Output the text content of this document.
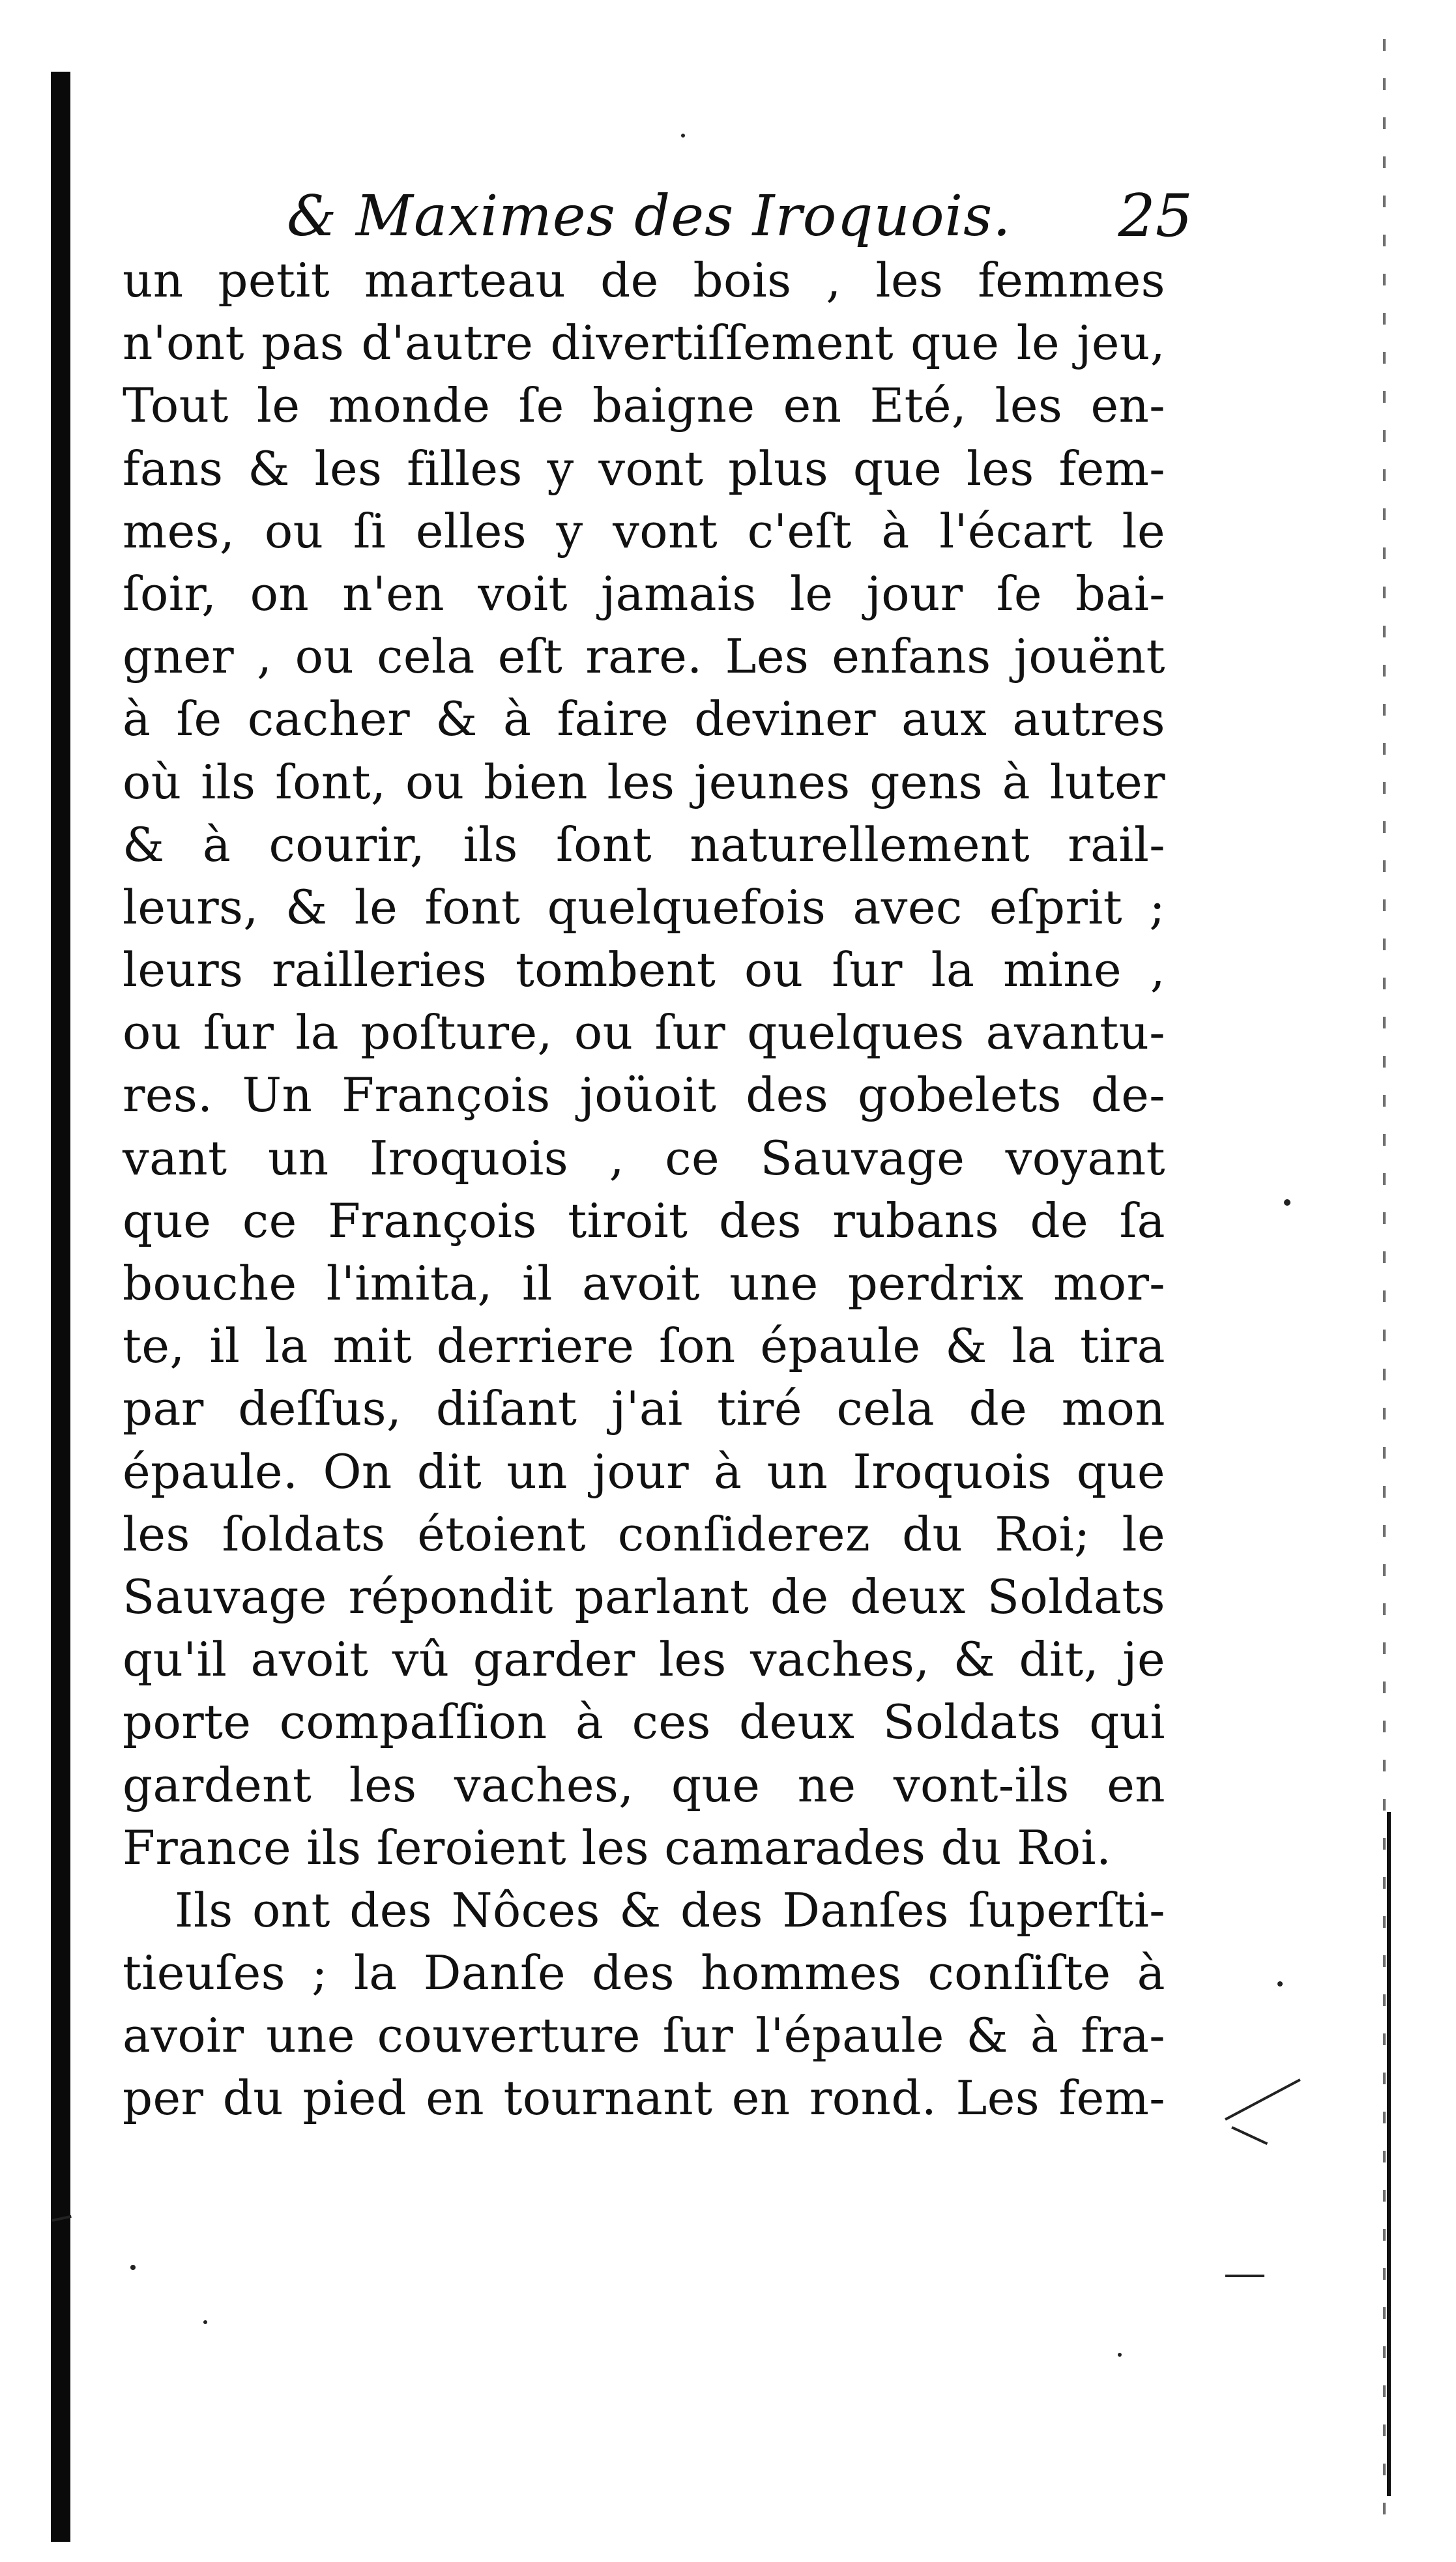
& Maximes des Iroquois.	25
un petit marteau de bois , les femmes
n'ont pas d'autre divertiſſement que le jeu,
Tout le monde ſe baigne en Eté, les en-
fans & les filles y vont plus que les fem-
mes, ou ſi elles y vont c'eſt à l'écart le
ſoir, on n'en voit jamais le jour ſe bai-
gner , ou cela eſt rare. Les enfans jouënt
à ſe cacher & à faire deviner aux autres
où ils ſont, ou bien les jeunes gens à luter
& à courir, ils ſont naturellement rail-
leurs, & le font quelquefois avec eſprit ;
leurs railleries tombent ou ſur la mine ,
ou ſur la poſture, ou ſur quelques avantu-
res. Un François joüoit des gobelets de-
vant un Iroquois , ce Sauvage voyant
que ce François tiroit des rubans de ſa
bouche l'imita, il avoit une perdrix mor-
te, il la mit derriere ſon épaule & la tira
par deſſus, diſant j'ai tiré cela de mon
épaule. On dit un jour à un Iroquois que
les ſoldats étoient conſiderez du Roi; le
Sauvage répondit parlant de deux Soldats
qu'il avoit vû garder les vaches, & dit, je
porte compaſſion à ces deux Soldats qui
gardent les vaches, que ne vont-ils en
France ils ſeroient les camarades du Roi.
Ils ont des Nôces & des Danſes ſuperſti-
tieuſes ; la Danſe des hommes conſiſte à
avoir une couverture ſur l'épaule & à fra-
per du pied en tournant en rond. Les fem-
